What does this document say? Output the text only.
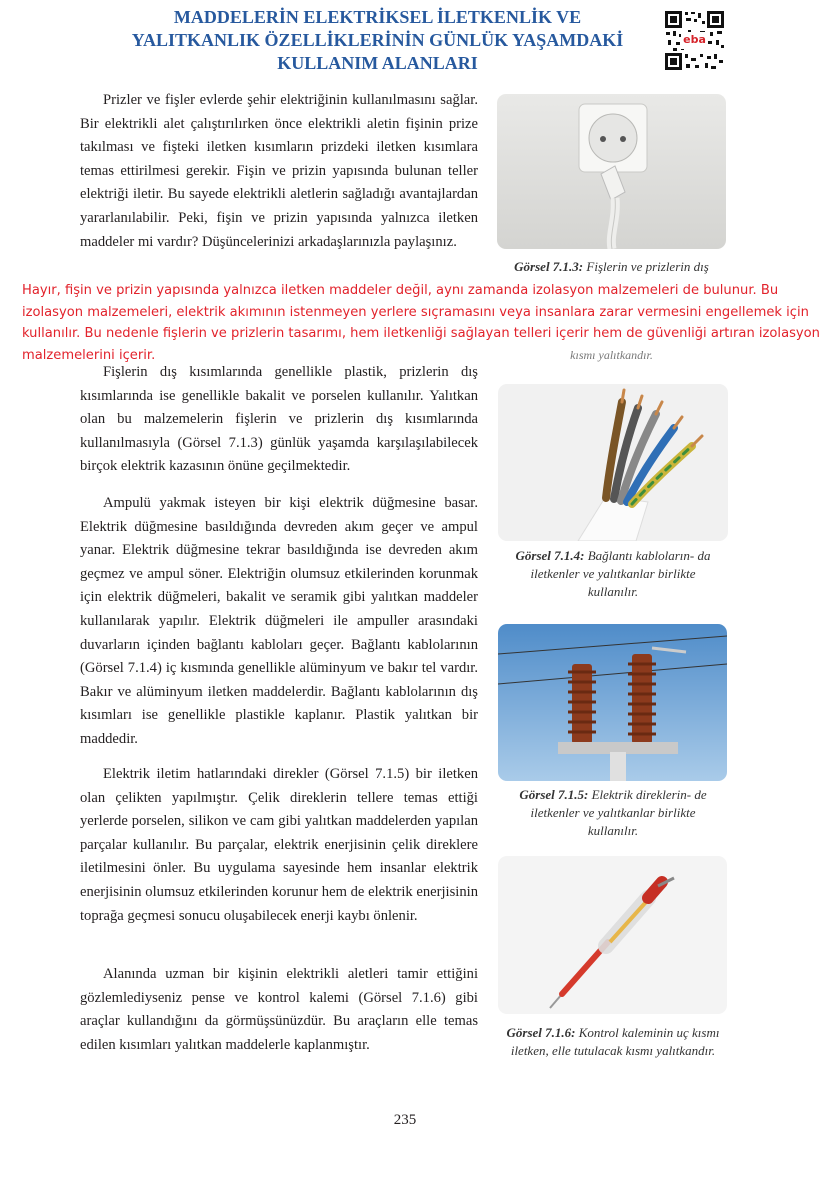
MADDELERİN ELEKTRİKSEL İLETKENLİK VE
YALITKANLIK ÖZELLİKLERİNİN GÜNLÜK YAŞAMDAKİ
KULLANIM ALANLARI
eba

Prizler ve fişler evlerde şehir elektriğinin kullanılmasını sağlar. Bir elektrikli alet çalıştırılırken önce elektrikli aletin fişinin prize takılması ve fişteki iletken kısımların prizdeki iletken kısımlara temas ettirilmesi gerekir. Fişin ve prizin yapısında bulunan teller elektriği iletir. Bu sayede elektrikli aletlerin sağladığı avantajlardan yararlanılabilir. Peki, fişin ve prizin yapısında yalnızca iletken maddeler mi vardır? Düşüncelerinizi arkadaşlarınızla paylaşınız.

Hayır, fişin ve prizin yapısında yalnızca iletken maddeler değil, aynı zamanda izolasyon malzemeleri de bulunur. Bu izolasyon malzemeleri, elektrik akımının istenmeyen yerlere sıçramasını veya insanlara zarar vermesini engellemek için kullanılır. Bu nedenle fişlerin ve prizlerin tasarımı, hem iletkenliği sağlayan telleri içerir hem de güvenliği artıran izolasyon malzemelerini içerir.

Fişlerin dış kısımlarında genellikle plastik, prizlerin dış kısımlarında ise genellikle bakalit ve porselen kullanılır. Yalıtkan olan bu malzemelerin fişlerin ve prizlerin dış kısımlarında kullanılmasıyla (Görsel 7.1.3) günlük yaşamda karşılaşılabilecek birçok elektrik kazasının önüne geçilmektedir.

Ampulü yakmak isteyen bir kişi elektrik düğmesine basar. Elektrik düğmesine basıldığında devreden akım geçer ve ampul yanar. Elektrik düğmesine tekrar basıldığında ise devreden akım geçmez ve ampul söner. Elektriğin olumsuz etkilerinden korunmak için elektrik düğmeleri, bakalit ve seramik gibi yalıtkan maddeler kullanılarak yapılır. Elektrik düğmeleri ile ampuller arasındaki duvarların içinden bağlantı kabloları geçer. Bağlantı kablolarının (Görsel 7.1.4) iç kısmında genellikle alüminyum ve bakır tel vardır. Bakır ve alüminyum iletken maddelerdir. Bağlantı kablolarının dış kısımları ise genellikle plastikle kaplanır. Plastik yalıtkan bir maddedir.

Elektrik iletim hatlarındaki direkler (Görsel 7.1.5) bir iletken olan çelikten yapılmıştır. Çelik direklerin tellere temas ettiği yerlerde porselen, silikon ve cam gibi yalıtkan maddelerden yapılan parçalar kullanılır. Bu parçalar, elektrik enerjisinin çelik direklere iletilmesini önler. Bu uygulama sayesinde hem insanlar elektrik enerjisinin olumsuz etkilerinden korunur hem de elektrik enerjisinin toprağa geçmesi sonucu oluşabilecek enerji kaybı önlenir.

Alanında uzman bir kişinin elektrikli aletleri tamir ettiğini gözlemlediyseniz pense ve kontrol kalemi (Görsel 7.1.6) gibi araçlar kullandığını da görmüşsünüzdür. Bu araçların elle temas edilen kısımları yalıtkan maddelerle kaplanmıştır.

Görsel 7.1.3: Fişlerin ve prizlerin dış
kısmı yalıtkandır.
Görsel 7.1.4: Bağlantı kabloların- da iletkenler ve yalıtkanlar birlikte kullanılır.
Görsel 7.1.5: Elektrik direklerin- de iletkenler ve yalıtkanlar birlikte kullanılır.
Görsel 7.1.6: Kontrol kaleminin uç kısmı iletken, elle tutulacak kısmı yalıtkandır.
235
